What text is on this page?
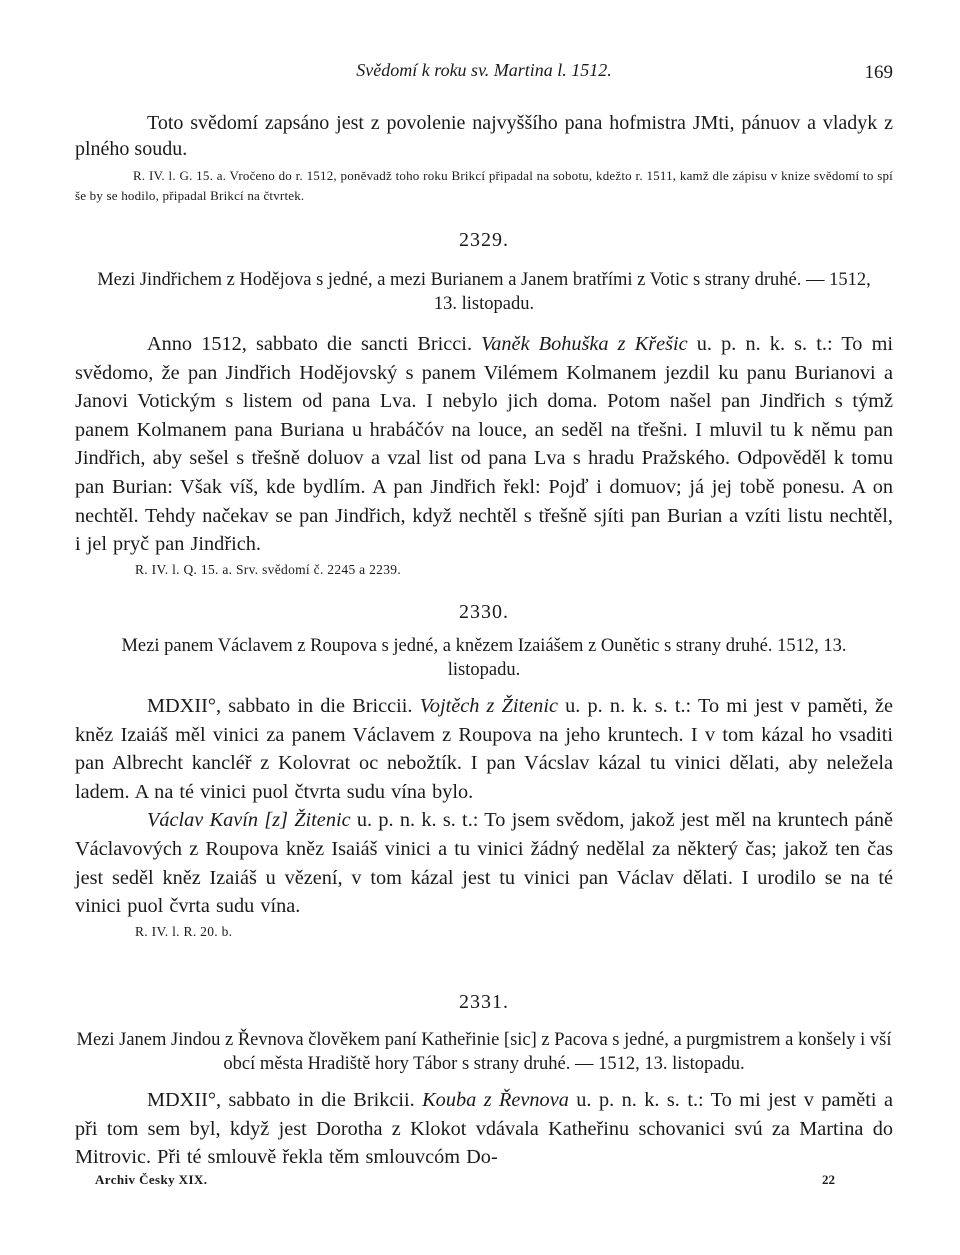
Svědomí k roku sv. Martina l. 1512.	169
Toto svědomí zapsáno jest z povolenie najvyššího pana hofmistra JMti, pánuov a vladyk z plného soudu.
R. IV. l. G. 15. a. Vročeno do r. 1512, poněvadž toho roku Brikcí připadal na sobotu, kdežto r. 1511, kamž dle zápisu v knize svědomí to spí še by se hodilo, připadal Brikcí na čtvrtek.
2329.
Mezi Jindřichem z Hodějova s jedné, a mezi Burianem a Janem bratřími z Votic s strany druhé. — 1512, 13. listopadu.
Anno 1512, sabbato die sancti Bricci. Vaněk Bohuška z Křešic u. p. n. k. s. t.: To mi svědomo, že pan Jindřich Hodějovský s panem Vilémem Kolmanem jezdil ku panu Burianovi a Janovi Votickým s listem od pana Lva. I nebylo jich doma. Potom našel pan Jindřich s týmž panem Kolmanem pana Buriana u hrabáčóv na louce, an seděl na třešni. I mluvil tu k němu pan Jindřich, aby sešel s třešně doluov a vzal list od pana Lva s hradu Pražského. Odpověděl k tomu pan Burian: Však víš, kde bydlím. A pan Jindřich řekl: Pojď i domuov; já jej tobě ponesu. A on nechtěl. Tehdy načekav se pan Jindřich, když nechtěl s třešně sjíti pan Burian a vzíti listu nechtěl, i jel pryč pan Jindřich.
R. IV. l. Q. 15. a. Srv. svědomí č. 2245 a 2239.
2330.
Mezi panem Václavem z Roupova s jedné, a knězem Izaiášem z Ounětic s strany druhé. 1512, 13. listopadu.
MDXII°, sabbato in die Briccii. Vojtěch z Žitenic u. p. n. k. s. t.: To mi jest v paměti, že kněz Izaiáš měl vinici za panem Václavem z Roupova na jeho kruntech. I v tom kázal ho vsaditi pan Albrecht kancléř z Kolovrat oc nebožtík. I pan Vácslav kázal tu vinici dělati, aby neležela ladem. A na té vinici puol čtvrta sudu vína bylo.
Václav Kavín [z] Žitenic u. p. n. k. s. t.: To jsem svědom, jakož jest měl na kruntech páně Václavových z Roupova kněz Isaiáš vinici a tu vinici žádný nedělal za některý čas; jakož ten čas jest seděl kněz Izaiáš u vězení, v tom kázal jest tu vinici pan Václav dělati. I urodilo se na té vinici puol čvrta sudu vína.
R. IV. l. R. 20. b.
2331.
Mezi Janem Jindou z Řevnova člověkem paní Katheřinie [sic] z Pacova s jedné, a purgmistrem a konšely i vší obcí města Hradiště hory Tábor s strany druhé. — 1512, 13. listopadu.
MDXII°, sabbato in die Brikcii. Kouba z Řevnova u. p. n. k. s. t.: To mi jest v paměti a při tom sem byl, když jest Dorotha z Klokot vdávala Katheřinu schovanici svú za Martina do Mitrovic. Při té smlouvě řekla těm smlouvcóm Do-
Archiv Česky XIX.	22
